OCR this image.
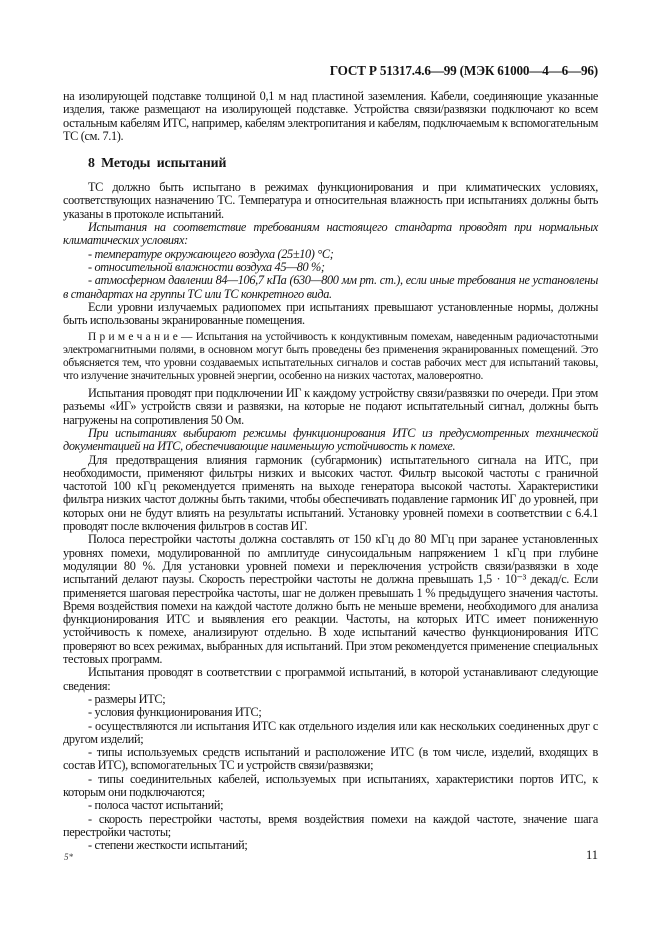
ГОСТ Р 51317.4.6—99 (МЭК 61000—4—6—96)
на изолирующей подставке толщиной 0,1 м над пластиной заземления. Кабели, соединяющие указанные изделия, также размещают на изолирующей подставке. Устройства связи/развязки подключают ко всем остальным кабелям ИТС, например, кабелям электропитания и кабелям, подключаемым к вспомогательным ТС (см. 7.1).
8 Методы испытаний
ТС должно быть испытано в режимах функционирования и при климатических условиях, соответствующих назначению ТС. Температура и относительная влажность при испытаниях должны быть указаны в протоколе испытаний.
Испытания на соответствие требованиям настоящего стандарта проводят при нормальных климатических условиях:
- температуре окружающего воздуха (25±10) °С;
- относительной влажности воздуха 45—80 %;
- атмосферном давлении 84—106,7 кПа (630—800 мм рт. ст.), если иные требования не установлены в стандартах на группы ТС или ТС конкретного вида.
Если уровни излучаемых радиопомех при испытаниях превышают установленные нормы, должны быть использованы экранированные помещения.
П р и м е ч а н и е — Испытания на устойчивость к кондуктивным помехам, наведенным радиочастотными электромагнитными полями, в основном могут быть проведены без применения экранированных помещений. Это объясняется тем, что уровни создаваемых испытательных сигналов и состав рабочих мест для испытаний таковы, что излучение значительных уровней энергии, особенно на низких частотах, маловероятно.
Испытания проводят при подключении ИГ к каждому устройству связи/развязки по очереди. При этом разъемы «ИГ» устройств связи и развязки, на которые не подают испытательный сигнал, должны быть нагружены на сопротивления 50 Ом.
При испытаниях выбирают режимы функционирования ИТС из предусмотренных технической документацией на ИТС, обеспечивающие наименьшую устойчивость к помехе.
Для предотвращения влияния гармоник (субгармоник) испытательного сигнала на ИТС, при необходимости, применяют фильтры низких и высоких частот. Фильтр высокой частоты с граничной частотой 100 кГц рекомендуется применять на выходе генератора высокой частоты. Характеристики фильтра низких частот должны быть такими, чтобы обеспечивать подавление гармоник ИГ до уровней, при которых они не будут влиять на результаты испытаний. Установку уровней помехи в соответствии с 6.4.1 проводят после включения фильтров в состав ИГ.
Полоса перестройки частоты должна составлять от 150 кГц до 80 МГц при заранее установленных уровнях помехи, модулированной по амплитуде синусоидальным напряжением 1 кГц при глубине модуляции 80 %. Для установки уровней помехи и переключения устройств связи/развязки в ходе испытаний делают паузы. Скорость перестройки частоты не должна превышать 1,5 · 10⁻³ декад/с. Если применяется шаговая перестройка частоты, шаг не должен превышать 1 % предыдущего значения частоты. Время воздействия помехи на каждой частоте должно быть не меньше времени, необходимого для анализа функционирования ИТС и выявления его реакции. Частоты, на которых ИТС имеет пониженную устойчивость к помехе, анализируют отдельно. В ходе испытаний качество функционирования ИТС проверяют во всех режимах, выбранных для испытаний. При этом рекомендуется применение специальных тестовых программ.
Испытания проводят в соответствии с программой испытаний, в которой устанавливают следующие сведения:
- размеры ИТС;
- условия функционирования ИТС;
- осуществляются ли испытания ИТС как отдельного изделия или как нескольких соединенных друг с другом изделий;
- типы используемых средств испытаний и расположение ИТС (в том числе, изделий, входящих в состав ИТС), вспомогательных ТС и устройств связи/развязки;
- типы соединительных кабелей, используемых при испытаниях, характеристики портов ИТС, к которым они подключаются;
- полоса частот испытаний;
- скорость перестройки частоты, время воздействия помехи на каждой частоте, значение шага перестройки частоты;
- степени жесткости испытаний;
5*	11
